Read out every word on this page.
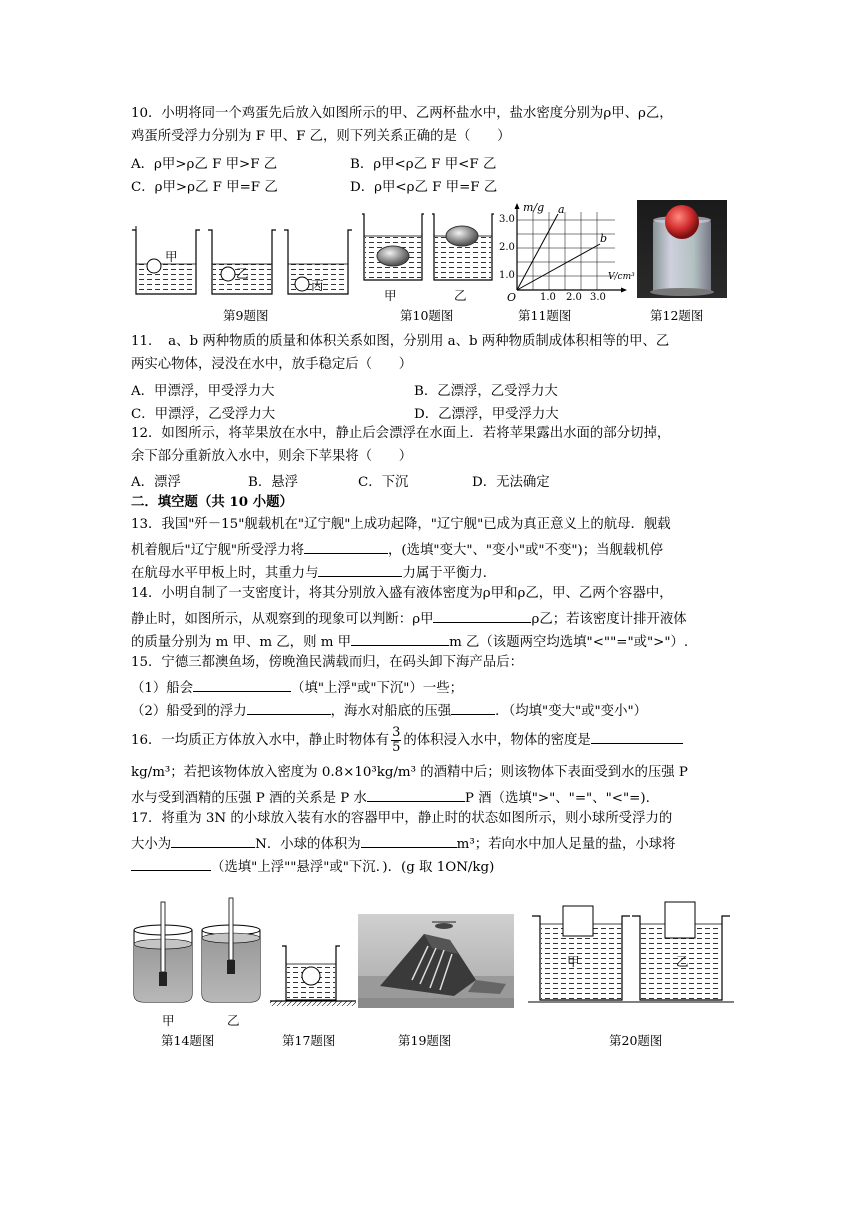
10．小明将同一个鸡蛋先后放入如图所示的甲、乙两杯盐水中，盐水密度分别为ρ甲、ρ乙，
鸡蛋所受浮力分别为 F 甲、F 乙，则下列关系正确的是（　　）
A．ρ甲>ρ乙 F 甲>F 乙	B．ρ甲<ρ乙 F 甲<F 乙
C．ρ甲>ρ乙 F 甲=F 乙	D．ρ甲<ρ乙 F 甲=F 乙
甲
乙
丙
第9题图
甲	乙
第10题图
m/g
V/cm³
O
3.0
2.0
1.0
1.0 2.0 3.0
a
b
第11题图	第12题图
11．　a、b 两种物质的质量和体积关系如图，分别用 a、b 两种物质制成体积相等的甲、乙
两实心物体，浸没在水中，放手稳定后（　　）
A．甲漂浮，甲受浮力大	B．乙漂浮，乙受浮力大
C．甲漂浮，乙受浮力大	D．乙漂浮，甲受浮力大
12．如图所示，将苹果放在水中，静止后会漂浮在水面上．若将苹果露出水面的部分切掉，
余下部分重新放入水中，则余下苹果将（　　）
A．漂浮	B．悬浮	C．下沉	D．无法确定
二．填空题（共 10 小题）
13．我国"歼－15"舰载机在"辽宁舰"上成功起降，"辽宁舰"已成为真正意义上的航母．舰载
机着舰后"辽宁舰"所受浮力将	，(选填"变大"、"变小"或"不变")；当舰载机停
在航母水平甲板上时，其重力与	力属于平衡力．
14．小明自制了一支密度计，将其分别放入盛有液体密度为ρ甲和ρ乙，甲、乙两个容器中，
静止时，如图所示，从观察到的现象可以判断：ρ甲	ρ乙；若该密度计排开液体
的质量分别为 m 甲、m 乙，则 m 甲	m 乙（该题两空均选填"<""="或">"）.
15．宁德三都澳鱼场，傍晚渔民满载而归，在码头卸下海产品后：
（1）船会	（填"上浮"或"下沉"）一些；
（2）船受到的浮力	，海水对船底的压强	．（均填"变大"或"变小"）
16．一均质正方体放入水中，静止时物体有 $\frac{3}{5}$ 的体积浸入水中，物体的密度是
kg/m³；若把该物体放入密度为 0.8×10³kg/m³ 的酒精中后；则该物体下表面受到水的压强 P
水与受到酒精的压强 P 酒的关系是 P 水	P 酒（选填">"、"="、"<"=).
17．将重为 3N 的小球放入装有水的容器甲中，静止时的状态如图所示，则小球所受浮力的
大小为	N．小球的体积为	m³；若向水中加人足量的盐，小球将
（选填"上浮""悬浮"或"下沉．)．(g 取 1ON/kg)
甲	乙
第14题图	第17题图	第19题图
甲	乙
第20题图
